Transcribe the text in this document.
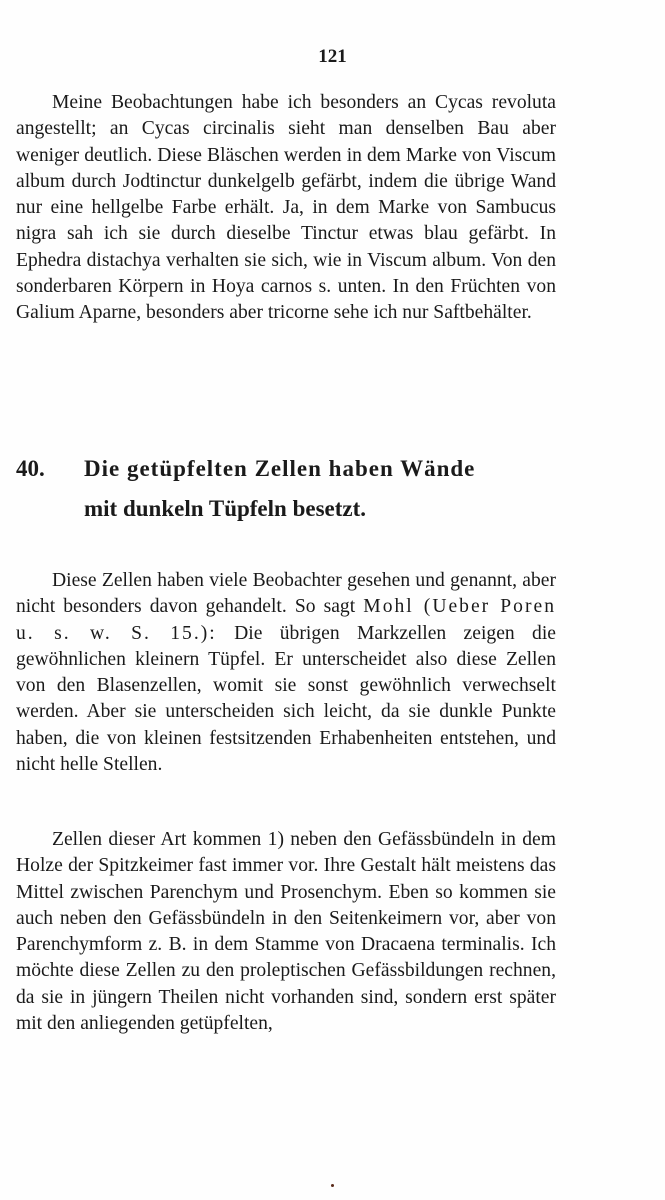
121

Meine Beobachtungen habe ich besonders an Cycas revoluta angestellt; an Cycas circinalis sieht man denselben Bau aber weniger deutlich. Diese Bläschen werden in dem Marke von Viscum album durch Jodtinctur dunkelgelb gefärbt, indem die übrige Wand nur eine hellgelbe Farbe erhält. Ja, in dem Marke von Sambucus nigra sah ich sie durch dieselbe Tinctur etwas blau gefärbt. In Ephedra distachya verhalten sie sich, wie in Viscum album. Von den sonderbaren Körpern in Hoya carnos s. unten. In den Früchten von Galium Aparne, besonders aber tricorne sehe ich nur Saftbehälter.

40. Die getüpfelten Zellen haben Wände
mit dunkeln Tüpfeln besetzt.

Diese Zellen haben viele Beobachter gesehen und genannt, aber nicht besonders davon gehandelt. So sagt Mohl (Ueber Poren u. s. w. S. 15.): Die übrigen Markzellen zeigen die gewöhnlichen kleinern Tüpfel. Er unterscheidet also diese Zellen von den Blasenzellen, womit sie sonst gewöhnlich verwechselt werden. Aber sie unterscheiden sich leicht, da sie dunkle Punkte haben, die von kleinen festsitzenden Erhabenheiten entstehen, und nicht helle Stellen.

Zellen dieser Art kommen 1) neben den Gefässbündeln in dem Holze der Spitzkeimer fast immer vor. Ihre Gestalt hält meistens das Mittel zwischen Parenchym und Prosenchym. Eben so kommen sie auch neben den Gefässbündeln in den Seitenkeimern vor, aber von Parenchymform z. B. in dem Stamme von Dracaena terminalis. Ich möchte diese Zellen zu den proleptischen Gefässbildungen rechnen, da sie in jüngern Theilen nicht vorhanden sind, sondern erst später mit den anliegenden getüpfelten,
